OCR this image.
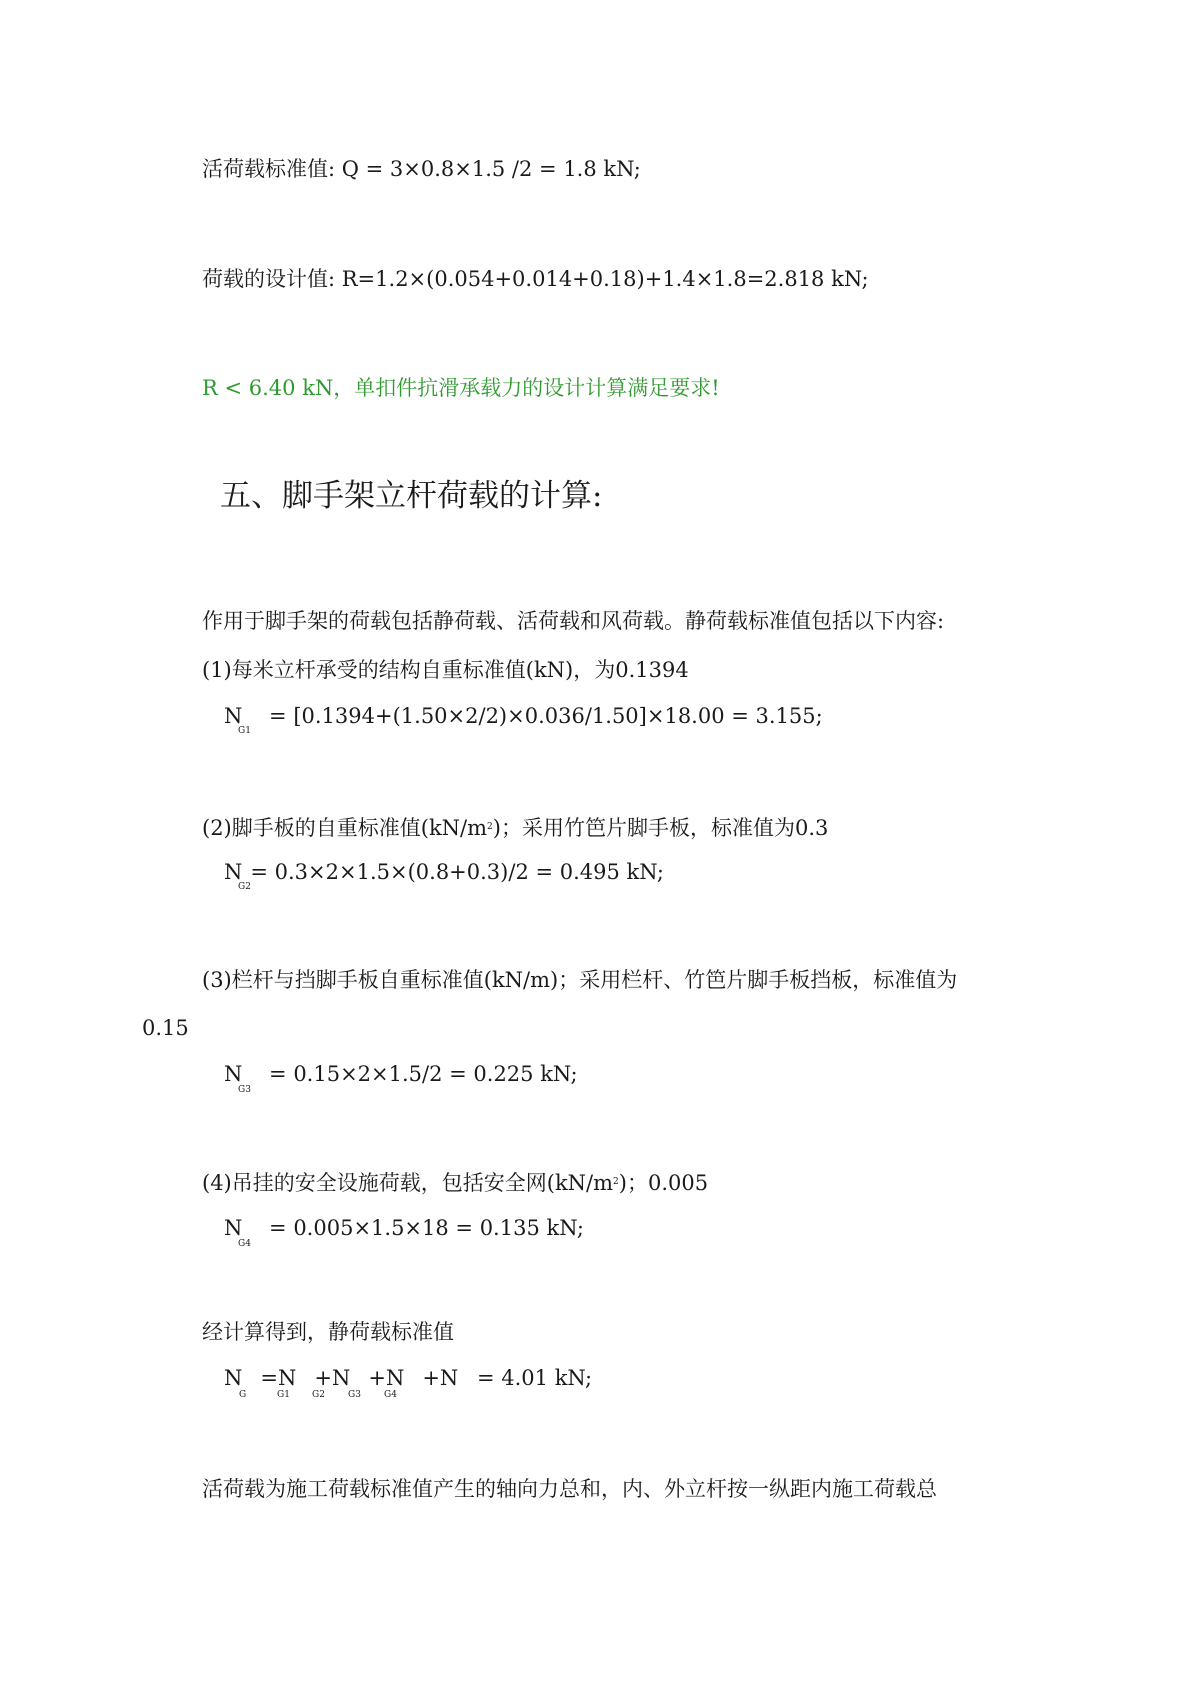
活荷载标准值: Q = 3×0.8×1.5 /2 = 1.8 kN;
荷载的设计值: R=1.2×(0.054+0.014+0.18)+1.4×1.8=2.818 kN;
R < 6.40 kN，单扣件抗滑承载力的设计计算满足要求!
五、脚手架立杆荷载的计算:
作用于脚手架的荷载包括静荷载、活荷载和风荷载。静荷载标准值包括以下内容:
(1)每米立杆承受的结构自重标准值(kN)，为0.1394
N = [0.1394+(1.50×2/2)×0.036/1.50]×18.00 = 3.155;
G1
(2)脚手板的自重标准值$(kN/m^2)$；采用竹笆片脚手板，标准值为0.3
N = 0.3×2×1.5×(0.8+0.3)/2 = 0.495 kN;
G2
(3)栏杆与挡脚手板自重标准值(kN/m)；采用栏杆、竹笆片脚手板挡板，标准值为
0.15
N = 0.15×2×1.5/2 = 0.225 kN;
G3
(4)吊挂的安全设施荷载，包括安全网$(kN/m^2)$；0.005
N = 0.005×1.5×18 = 0.135 kN;
G4
经计算得到，静荷载标准值
N =N +N +N +N = 4.01 kN;
G	G1 G2	G3	G4
活荷载为施工荷载标准值产生的轴向力总和，内、外立杆按一纵距内施工荷载总
